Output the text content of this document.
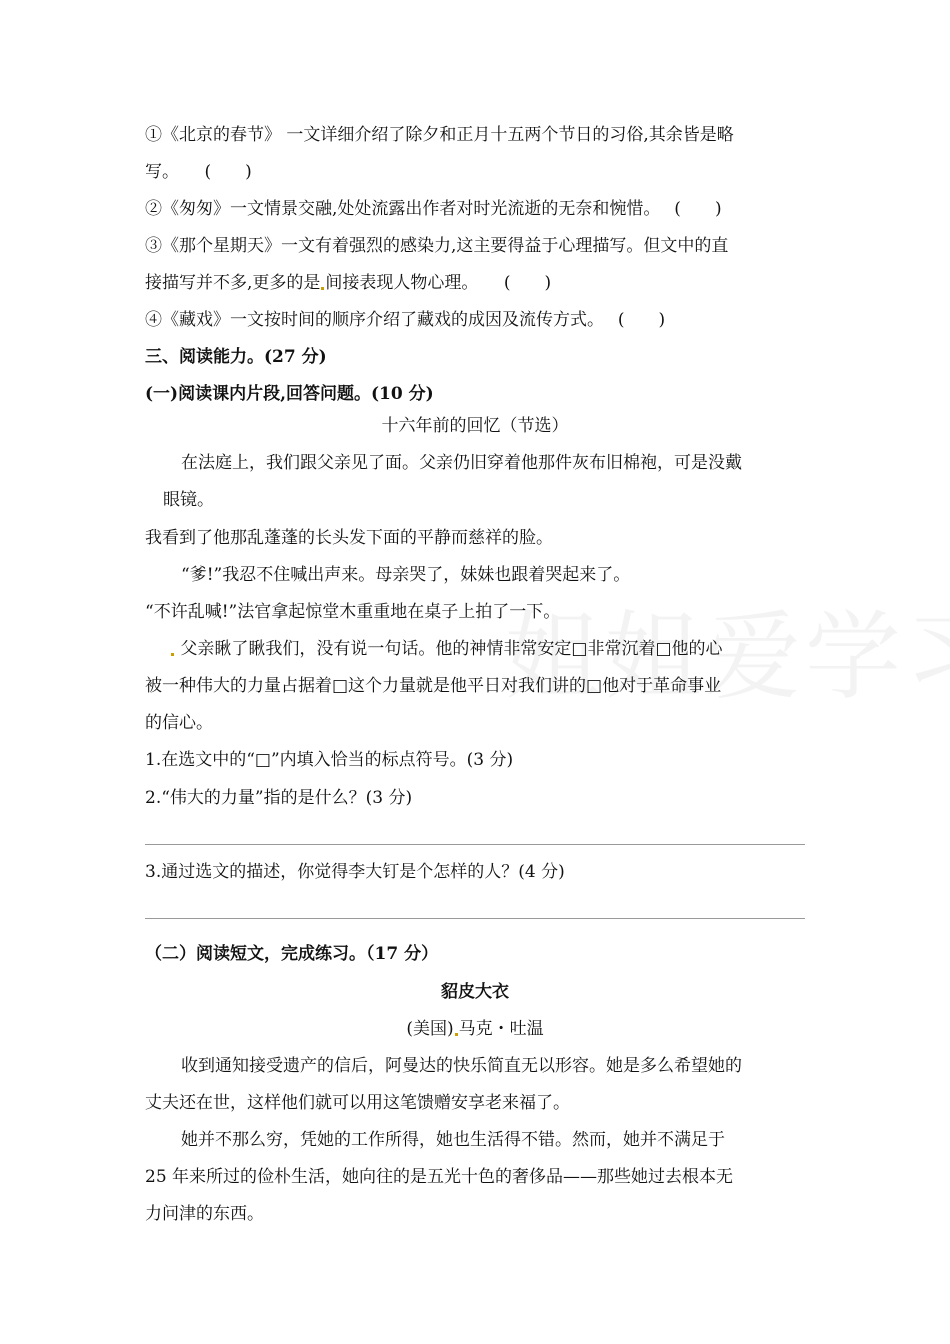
①《北京的春节》 一文详细介绍了除夕和正月十五两个节日的习俗,其余皆是略
写。　　(　　)
②《匆匆》一文情景交融,处处流露出作者对时光流逝的无奈和惋惜。　 (　　)
③《那个星期天》一文有着强烈的感染力,这主要得益于心理描写。但文中的直
接描写并不多,更多的是 间接表现人物心理。　　(　　)
④《藏戏》一文按时间的顺序介绍了藏戏的成因及流传方式。　 (　　)
三、阅读能力。(27 分)
(一)阅读课内片段,回答问题。(10 分)
十六年前的回忆（节选）
在法庭上，我们跟父亲见了面。父亲仍旧穿着他那件灰布旧棉袍，可是没戴
眼镜。
我看到了他那乱蓬蓬的长头发下面的平静而慈祥的脸。
“爹!”我忍不住喊出声来。母亲哭了，妹妹也跟着哭起来了。
“不许乱喊!”法官拿起惊堂木重重地在桌子上拍了一下。
父亲瞅了瞅我们，没有说一句话。他的神情非常安定□非常沉着□他的心
被一种伟大的力量占据着□这个力量就是他平日对我们讲的□他对于革命事业
的信心。
1.在选文中的“□”内填入恰当的标点符号。(3 分)
2.“伟大的力量”指的是什么？(3 分)
3.通过选文的描述，你觉得李大钉是个怎样的人？(4 分)
（二）阅读短文，完成练习。（17 分）
貂皮大衣
(美国) 马克・吐温
收到通知接受遗产的信后，阿曼达的快乐简直无以形容。她是多么希望她的
丈夫还在世，这样他们就可以用这笔馈赠安享老来福了。
她并不那么穷，凭她的工作所得，她也生活得不错。然而，她并不满足于
25 年来所过的俭朴生活，她向往的是五光十色的奢侈品——那些她过去根本无
力问津的东西。
